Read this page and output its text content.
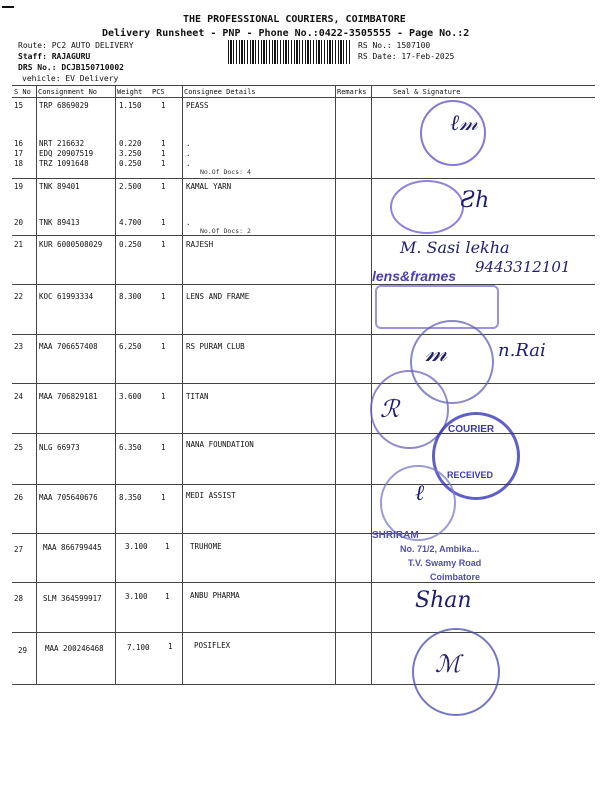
THE PROFESSIONAL COURIERS, COIMBATORE
Delivery Runsheet - PNP - Phone No.:0422-3505555 - Page No.:2
Route: PC2 AUTO DELIVERY
Staff: RAJAGURU
DRS No.: DCJB150710002
vehicle: EV Delivery
RS No.: 1507100
RS Date: 17-Feb-2025
S No Consignment No	Weight PCS	Consignee Details	Remarks	Seal & Signature
15 TRP 6869029	1.150	1	PEASS
16 NRT 216632	0.220	1	.
17 EDQ 20907519	3.250	1	.
18 TRZ 1091648	0.250	1	.
No.Of Docs: 4
19 TNK 89401	2.500	1	KAMAL YARN
20 TNK 89413	4.700	1	.
No.Of Docs: 2
21 KUR 6000508029 0.250	1	RAJESH
22 KOC 61993334	8.300	1	LENS AND FRAME
23 MAA 706657408	6.250	1	RS PURAM CLUB
24 MAA 706829181	3.600	1	TITAN
25 NLG 66973	6.350	1	NANA FOUNDATION
26 MAA 705640676	8.350	1	MEDI ASSIST
27	MAA 866799445	3.100 1	TRUHOME
28	SLM 364599917	3.100 1	ANBU PHARMA
29 MAA 200246468	7.100 1	POSIFLEX
ℓ𝓂
Ƨh
M. Sasi lekha
9443312101
lens&frames
𝓂	n.Rai
ℛ
COURIER
RECEIVED
ℓ
SHRIRAM
No. 71/2, Ambika...
T.V. Swamy Road
Coimbatore
Shan
ℳ
